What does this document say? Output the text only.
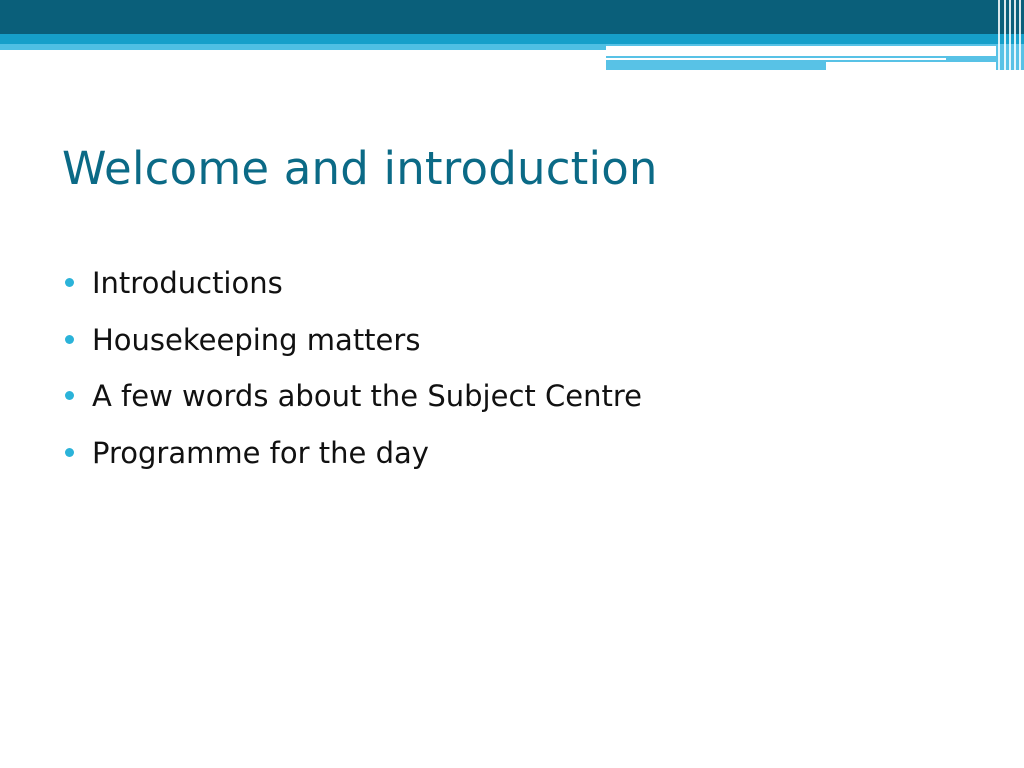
Welcome and introduction
Introductions
Housekeeping matters
A few words about the Subject Centre
Programme for the day
